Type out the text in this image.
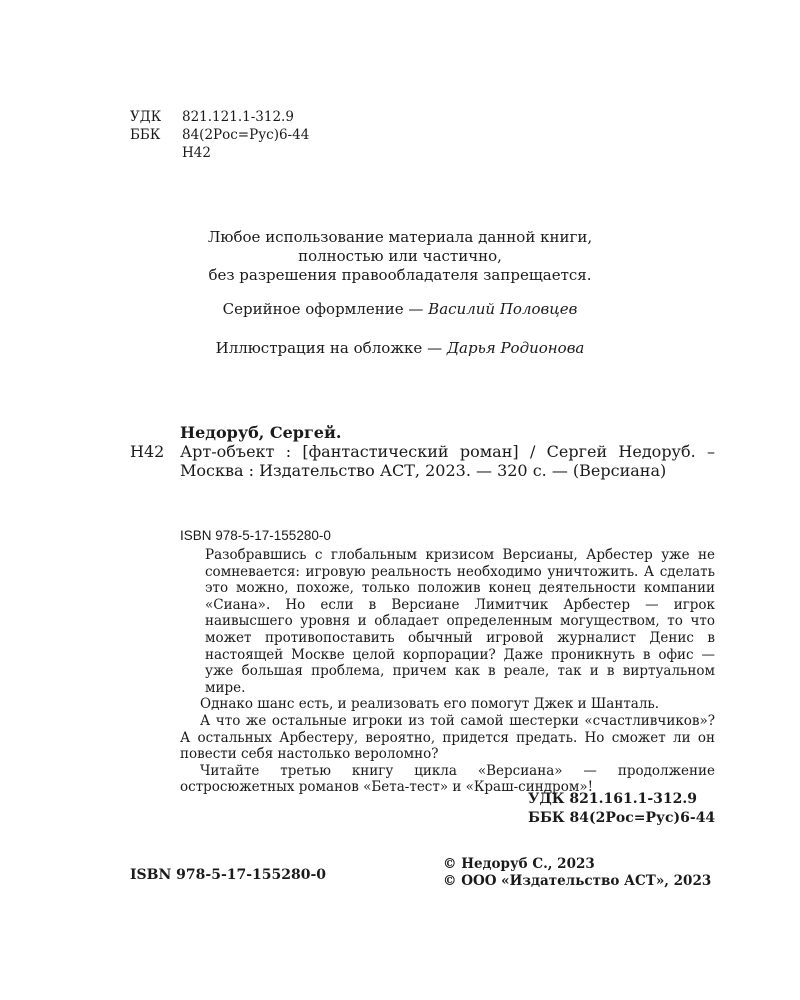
УДК	821.121.1-312.9
ББК	84(2Рос=Рус)6-44
Н42
Любое использование материала данной книги,
полностью или частично,
без разрешения правообладателя запрещается.
Серийное оформление — Василий Половцев
Иллюстрация на обложке — Дарья Родионова
Недоруб, Сергей.
Н42 Арт-объект : [фантастический роман] / Сергей Недоруб. – Москва : Издательство АСТ, 2023. — 320 с. — (Версиана)
ISBN 978-5-17-155280-0

Разобравшись с глобальным кризисом Версианы, Арбестер уже не сомневается: игровую реальность необходимо уничтожить. А сделать это можно, похоже, только положив конец деятельности компании «Сиана». Но если в Версиане Лимитчик Арбестер — игрок наивысшего уровня и обладает определенным могуществом, то что может противопоставить обычный игровой журналист Денис в настоящей Москве целой корпорации? Даже проникнуть в офис — уже большая проблема, причем как в реале, так и в виртуальном мире.

Однако шанс есть, и реализовать его помогут Джек и Шанталь.

А что же остальные игроки из той самой шестерки «счастливчиков»? А остальных Арбестеру, вероятно, придется предать. Но сможет ли он повести себя настолько вероломно?

Читайте третью книгу цикла «Версиана» — продолжение остросюжетных романов «Бета-тест» и «Краш-синдром»!

УДК 821.161.1-312.9
ББК 84(2Рос=Рус)6-44
ISBN 978-5-17-155280-0
© Недоруб С., 2023
© ООО «Издательство АСТ», 2023
